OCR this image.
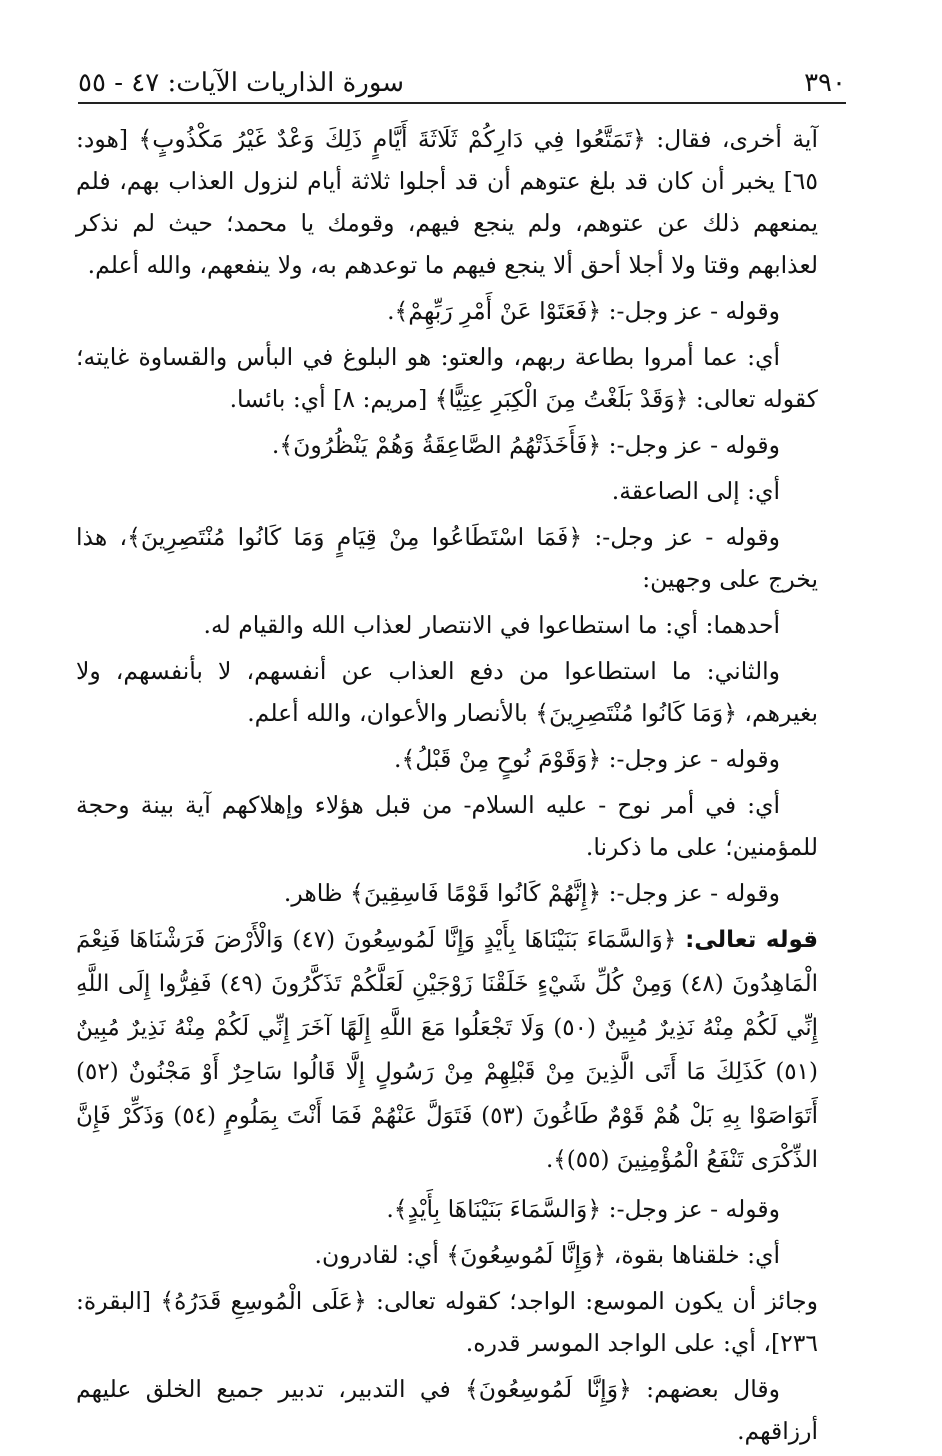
٣٩٠
سورة الذاريات الآيات: ٤٧ - ٥٥

آية أخرى، فقال: ﴿تَمَتَّعُوا فِي دَارِكُمْ ثَلَاثَةَ أَيَّامٍ ذَلِكَ وَعْدٌ غَيْرُ مَكْذُوبٍ﴾ [هود: ٦٥] يخبر أن كان قد بلغ عتوهم أن قد أجلوا ثلاثة أيام لنزول العذاب بهم، فلم يمنعهم ذلك عن عتوهم، ولم ينجع فيهم، وقومك يا محمد؛ حيث لم نذكر لعذابهم وقتا ولا أجلا أحق ألا ينجع فيهم ما توعدهم به، ولا ينفعهم، والله أعلم.

وقوله - عز وجل-: ﴿فَعَتَوْا عَنْ أَمْرِ رَبِّهِمْ﴾.

أي: عما أمروا بطاعة ربهم، والعتو: هو البلوغ في البأس والقساوة غايته؛ كقوله تعالى: ﴿وَقَدْ بَلَغْتُ مِنَ الْكِبَرِ عِتِيًّا﴾ [مريم: ٨] أي: بائسا.

وقوله - عز وجل-: ﴿فَأَخَذَتْهُمُ الصَّاعِقَةُ وَهُمْ يَنْظُرُونَ﴾.

أي: إلى الصاعقة.

وقوله - عز وجل-: ﴿فَمَا اسْتَطَاعُوا مِنْ قِيَامٍ وَمَا كَانُوا مُنْتَصِرِينَ﴾، هذا يخرج على وجهين:

أحدهما: أي: ما استطاعوا في الانتصار لعذاب الله والقيام له.

والثاني: ما استطاعوا من دفع العذاب عن أنفسهم، لا بأنفسهم، ولا بغيرهم، ﴿وَمَا كَانُوا مُنْتَصِرِينَ﴾ بالأنصار والأعوان، والله أعلم.

وقوله - عز وجل-: ﴿وَقَوْمَ نُوحٍ مِنْ قَبْلُ﴾.

أي: في أمر نوح - عليه السلام- من قبل هؤلاء وإهلاكهم آية بينة وحجة للمؤمنين؛ على ما ذكرنا.

وقوله - عز وجل-: ﴿إِنَّهُمْ كَانُوا قَوْمًا فَاسِقِينَ﴾ ظاهر.

قوله تعالى: ﴿وَالسَّمَاءَ بَنَيْنَاهَا بِأَيْدٍ وَإِنَّا لَمُوسِعُونَ (٤٧) وَالْأَرْضَ فَرَشْنَاهَا فَنِعْمَ الْمَاهِدُونَ (٤٨) وَمِنْ كُلِّ شَيْءٍ خَلَقْنَا زَوْجَيْنِ لَعَلَّكُمْ تَذَكَّرُونَ (٤٩) فَفِرُّوا إِلَى اللَّهِ إِنِّي لَكُمْ مِنْهُ نَذِيرٌ مُبِينٌ (٥٠) وَلَا تَجْعَلُوا مَعَ اللَّهِ إِلَهًا آخَرَ إِنِّي لَكُمْ مِنْهُ نَذِيرٌ مُبِينٌ (٥١) كَذَلِكَ مَا أَتَى الَّذِينَ مِنْ قَبْلِهِمْ مِنْ رَسُولٍ إِلَّا قَالُوا سَاحِرٌ أَوْ مَجْنُونٌ (٥٢) أَتَوَاصَوْا بِهِ بَلْ هُمْ قَوْمٌ طَاغُونَ (٥٣) فَتَوَلَّ عَنْهُمْ فَمَا أَنْتَ بِمَلُومٍ (٥٤) وَذَكِّرْ فَإِنَّ الذِّكْرَى تَنْفَعُ الْمُؤْمِنِينَ (٥٥)﴾.

وقوله - عز وجل-: ﴿وَالسَّمَاءَ بَنَيْنَاهَا بِأَيْدٍ﴾.

أي: خلقناها بقوة، ﴿وَإِنَّا لَمُوسِعُونَ﴾ أي: لقادرون.

وجائز أن يكون الموسع: الواجد؛ كقوله تعالى: ﴿عَلَى الْمُوسِعِ قَدَرُهُ﴾ [البقرة: ٢٣٦]، أي: على الواجد الموسر قدره.

وقال بعضهم: ﴿وَإِنَّا لَمُوسِعُونَ﴾ في التدبير، تدبير جميع الخلق عليهم أرزاقهم.
